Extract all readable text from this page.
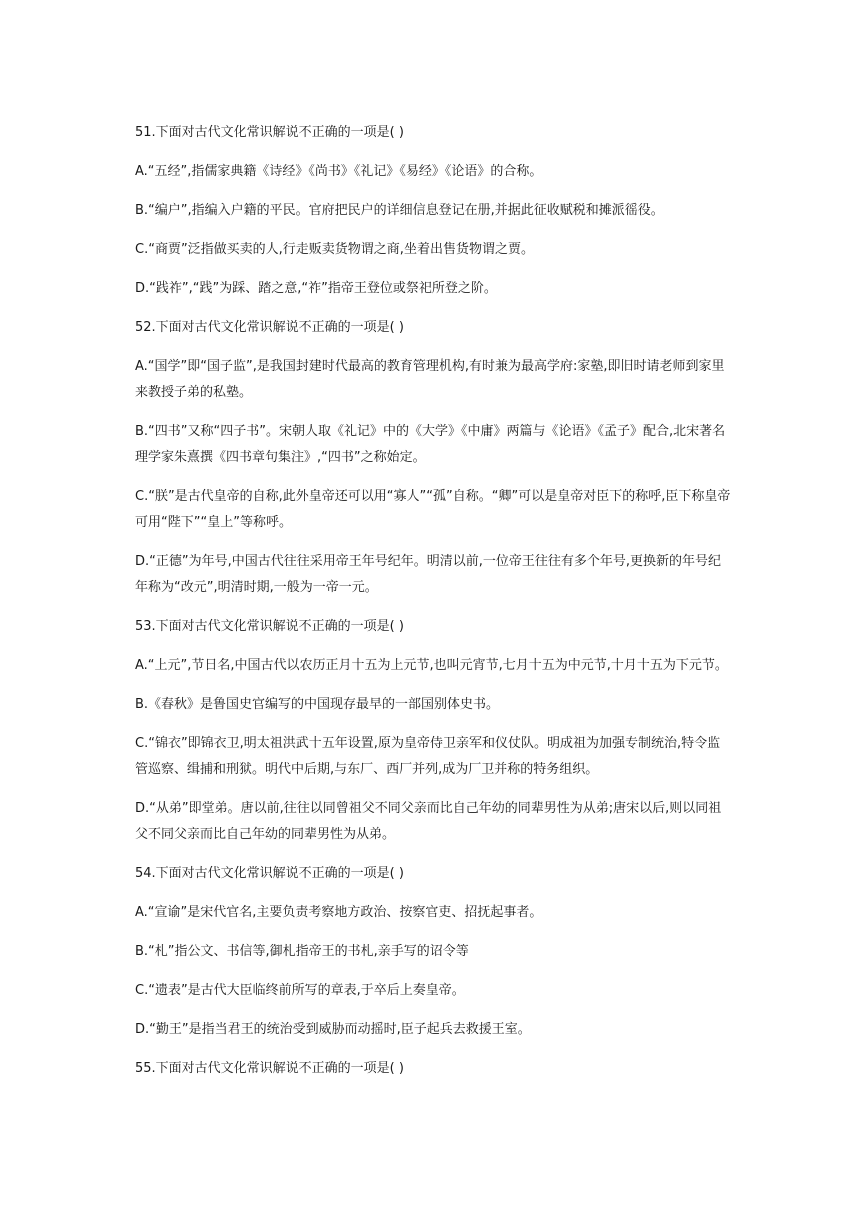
51.下面对古代文化常识解说不正确的一项是( )

A.“五经”,指儒家典籍《诗经》《尚书》《礼记》《易经》《论语》的合称。

B.“编户”,指编入户籍的平民。官府把民户的详细信息登记在册,并据此征收赋税和摊派徭役。

C.“商贾”泛指做买卖的人,行走贩卖货物谓之商,坐着出售货物谓之贾。

D.“践祚”,“践”为踩、踏之意,“祚”指帝王登位或祭祀所登之阶。

52.下面对古代文化常识解说不正确的一项是( )

A.“国学”即“国子监”,是我国封建时代最高的教育管理机构,有时兼为最高学府:家塾,即旧时请老师到家里来教授子弟的私塾。

B.“四书”又称“四子书”。宋朝人取《礼记》中的《大学》《中庸》两篇与《论语》《孟子》配合,北宋著名理学家朱熹撰《四书章句集注》,“四书”之称始定。

C.“朕”是古代皇帝的自称,此外皇帝还可以用“寡人”“孤”自称。“卿”可以是皇帝对臣下的称呼,臣下称皇帝可用“陛下”“皇上”等称呼。

D.“正德”为年号,中国古代往往采用帝王年号纪年。明清以前,一位帝王往往有多个年号,更换新的年号纪年称为“改元”,明清时期,一般为一帝一元。

53.下面对古代文化常识解说不正确的一项是( )

A.“上元”,节日名,中国古代以农历正月十五为上元节,也叫元宵节,七月十五为中元节,十月十五为下元节。

B.《春秋》是鲁国史官编写的中国现存最早的一部国别体史书。

C.“锦衣”即锦衣卫,明太祖洪武十五年设置,原为皇帝侍卫亲军和仪仗队。明成祖为加强专制统治,特令监管巡察、缉捕和刑狱。明代中后期,与东厂、西厂并列,成为厂卫并称的特务组织。

D.“从弟”即堂弟。唐以前,往往以同曾祖父不同父亲而比自己年幼的同辈男性为从弟;唐宋以后,则以同祖父不同父亲而比自己年幼的同辈男性为从弟。

54.下面对古代文化常识解说不正确的一项是( )

A.“宣谕”是宋代官名,主要负责考察地方政治、按察官吏、招抚起事者。

B.“札”指公文、书信等,御札指帝王的书札,亲手写的诏令等

C.“遗表”是古代大臣临终前所写的章表,于卒后上奏皇帝。

D.“勤王”是指当君王的统治受到威胁而动摇时,臣子起兵去救援王室。

55.下面对古代文化常识解说不正确的一项是( )
